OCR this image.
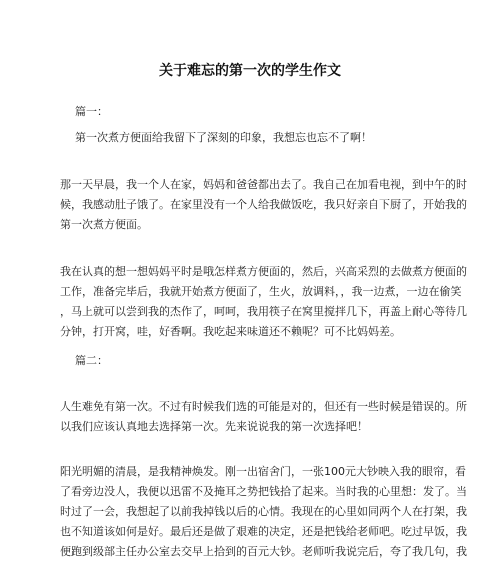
关于难忘的第一次的学生作文
篇一：
第一次煮方便面给我留下了深刻的印象，我想忘也忘不了啊！
那一天早晨，我一个人在家，妈妈和爸爸都出去了。我自己在加看电视，到中午的时
候，我感动肚子饿了。在家里没有一个人给我做饭吃，我只好亲自下厨了，开始我的
第一次煮方便面。
我在认真的想一想妈妈平时是哦怎样煮方便面的，然后，兴高采烈的去做煮方便面的
工作，准备完毕后，我就开始煮方便面了，生火，放调料，，我一边煮，一边在偷笑
，马上就可以尝到我的杰作了，呵呵，我用筷子在窝里搅拌几下，再盖上耐心等待几
分钟，打开窝，哇，好香啊。我吃起来味道还不赖呢？可不比妈妈差。
篇二：
人生难免有第一次。不过有时候我们选的可能是对的，但还有一些时候是错误的。所
以我们应该认真地去选择第一次。先来说说我的第一次选择吧！
阳光明媚的清晨，是我精神焕发。刚一出宿舍门，一张100元大钞映入我的眼帘，看
了看旁边没人，我便以迅雷不及掩耳之势把钱拾了起来。当时我的心里想：发了。当
时过了一会，我想起了以前我掉钱以后的心情。我现在的心里如同两个人在打架，我
也不知道该如何是好。最后还是做了艰难的决定，还是把钱给老师吧。吃过早饭，我
便跑到级部主任办公室去交早上拾到的百元大钞。老师听我说完后，夸了我几句，我
